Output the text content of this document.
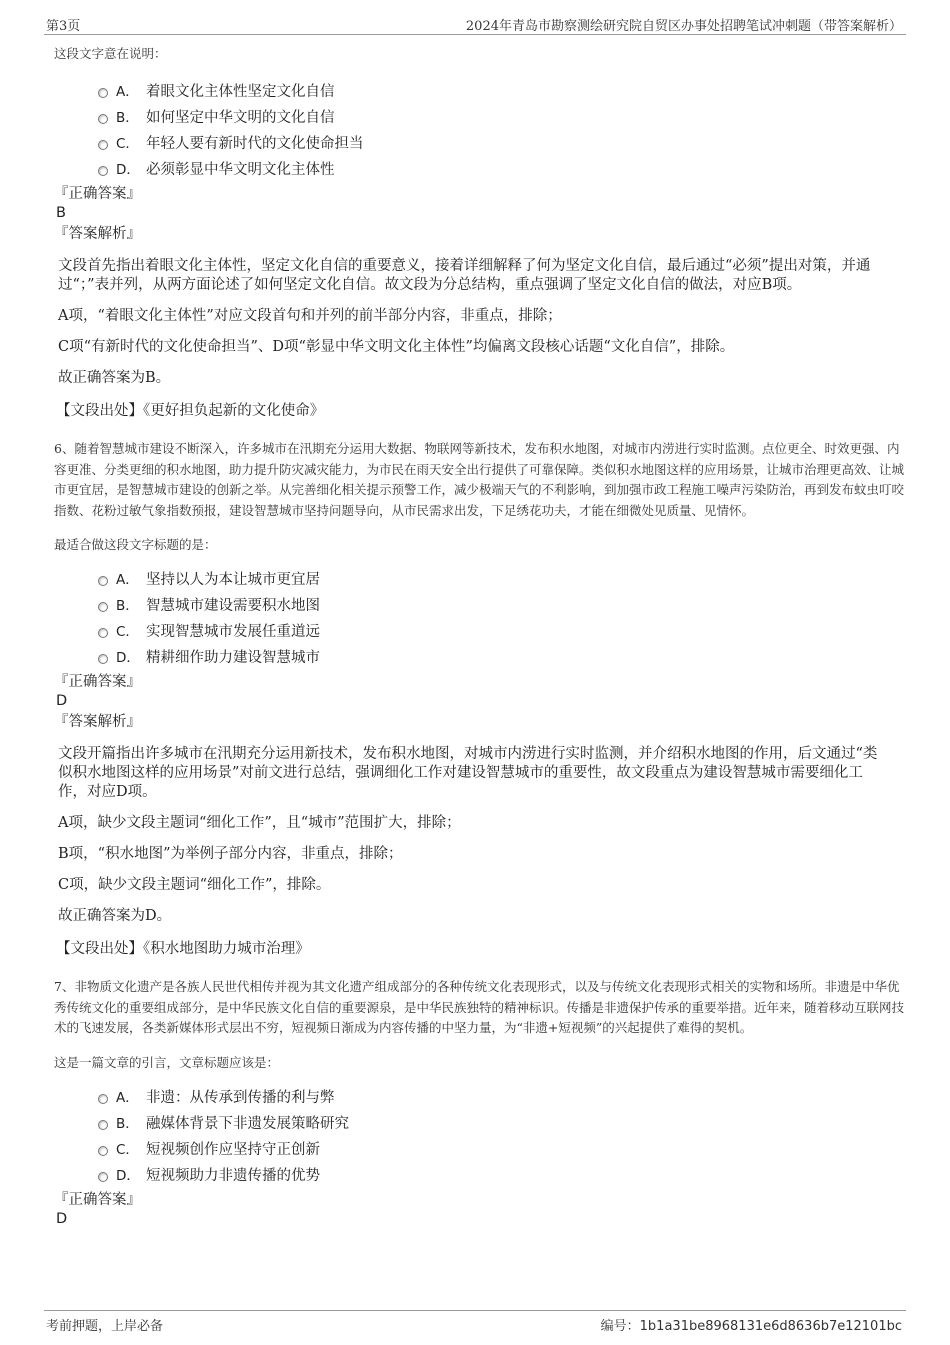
第3页	2024年青岛市勘察测绘研究院自贸区办事处招聘笔试冲刺题（带答案解析）
这段文字意在说明：
A． 着眼文化主体性坚定文化自信
B． 如何坚定中华文明的文化自信
C． 年轻人要有新时代的文化使命担当
D． 必须彰显中华文明文化主体性
『正确答案』
B
『答案解析』
文段首先指出着眼文化主体性，坚定文化自信的重要意义，接着详细解释了何为坚定文化自信，最后通过“必须”提出对策，并通过“；”表并列，从两方面论述了如何坚定文化自信。故文段为分总结构，重点强调了坚定文化自信的做法，对应B项。
A项，“着眼文化主体性”对应文段首句和并列的前半部分内容，非重点，排除；
C项“有新时代的文化使命担当”、D项“彰显中华文明文化主体性”均偏离文段核心话题“文化自信”，排除。
故正确答案为B。
【文段出处】《更好担负起新的文化使命》
6、随着智慧城市建设不断深入，许多城市在汛期充分运用大数据、物联网等新技术，发布积水地图，对城市内涝进行实时监测。点位更全、时效更强、内容更准、分类更细的积水地图，助力提升防灾减灾能力，为市民在雨天安全出行提供了可靠保障。类似积水地图这样的应用场景，让城市治理更高效、让城市更宜居，是智慧城市建设的创新之举。从完善细化相关提示预警工作，减少极端天气的不利影响，到加强市政工程施工噪声污染防治，再到发布蚊虫叮咬指数、花粉过敏气象指数预报，建设智慧城市坚持问题导向，从市民需求出发，下足绣花功夫，才能在细微处见质量、见情怀。
最适合做这段文字标题的是：
A． 坚持以人为本让城市更宜居
B． 智慧城市建设需要积水地图
C． 实现智慧城市发展任重道远
D． 精耕细作助力建设智慧城市
『正确答案』
D
『答案解析』
文段开篇指出许多城市在汛期充分运用新技术，发布积水地图，对城市内涝进行实时监测，并介绍积水地图的作用，后文通过“类似积水地图这样的应用场景”对前文进行总结，强调细化工作对建设智慧城市的重要性，故文段重点为建设智慧城市需要细化工作，对应D项。
A项，缺少文段主题词“细化工作”，且“城市”范围扩大，排除；
B项，“积水地图”为举例子部分内容，非重点，排除；
C项，缺少文段主题词“细化工作”，排除。
故正确答案为D。
【文段出处】《积水地图助力城市治理》
7、非物质文化遗产是各族人民世代相传并视为其文化遗产组成部分的各种传统文化表现形式，以及与传统文化表现形式相关的实物和场所。非遗是中华优秀传统文化的重要组成部分，是中华民族文化自信的重要源泉，是中华民族独特的精神标识。传播是非遗保护传承的重要举措。近年来，随着移动互联网技术的飞速发展，各类新媒体形式层出不穷，短视频日渐成为内容传播的中坚力量，为“非遗+短视频”的兴起提供了难得的契机。
这是一篇文章的引言，文章标题应该是：
A． 非遗：从传承到传播的利与弊
B． 融媒体背景下非遗发展策略研究
C． 短视频创作应坚持守正创新
D． 短视频助力非遗传播的优势
『正确答案』
D
考前押题，上岸必备	编号：1b1a31be8968131e6d8636b7e12101bc
